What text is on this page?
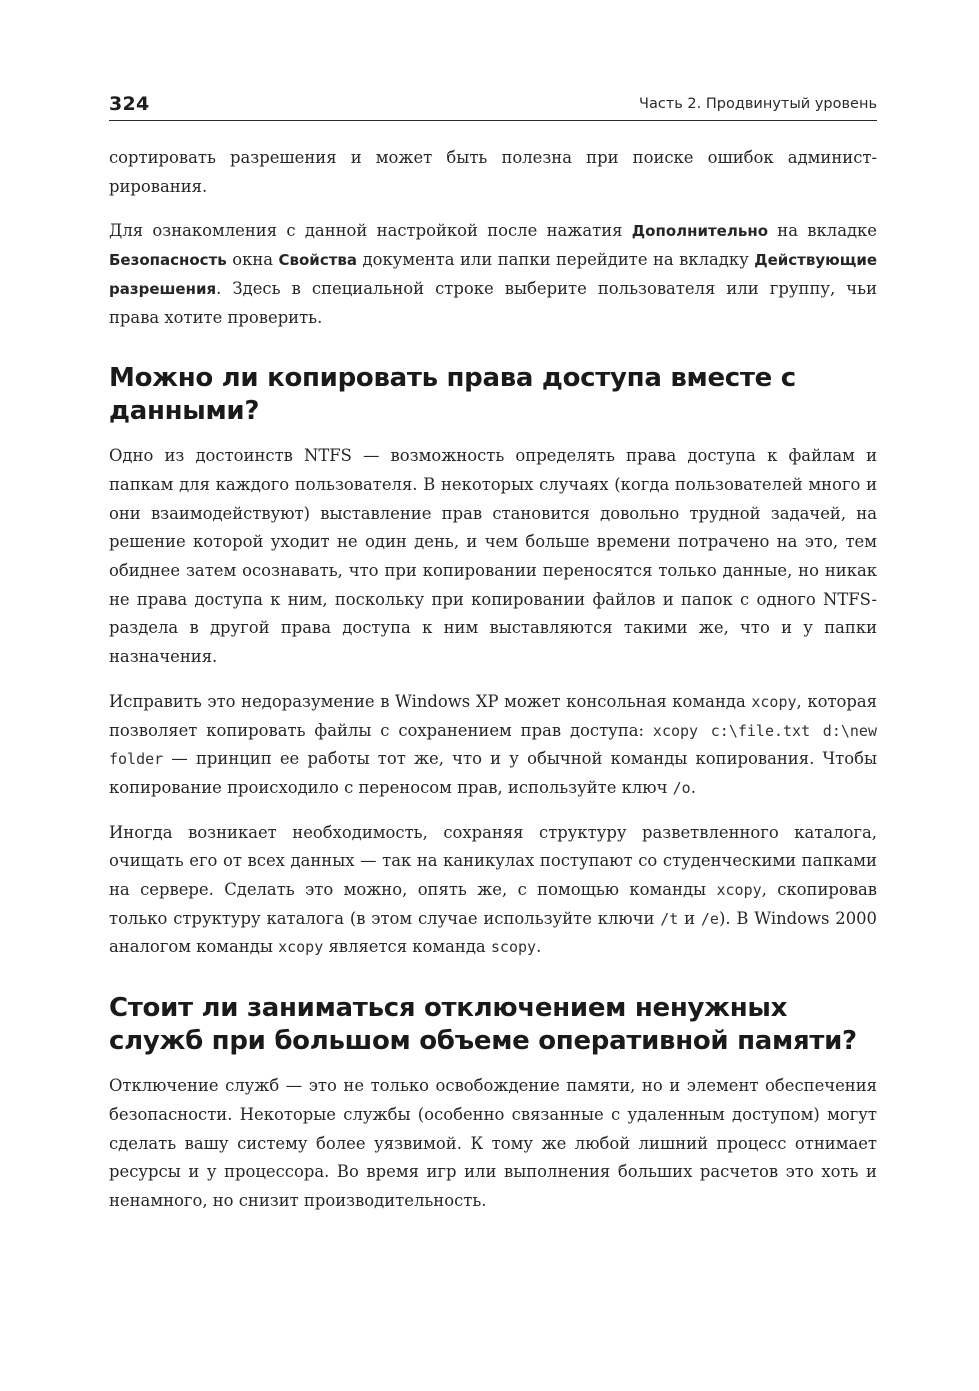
324	Часть 2. Продвинутый уровень

сортировать разрешения и может быть полезна при поиске ошибок администрирования.

Для ознакомления с данной настройкой после нажатия Дополнительно на вкладке Безопасность окна Свойства документа или папки перейдите на вкладку Действующие разрешения. Здесь в специальной строке выберите пользователя или группу, чьи права хотите проверить.

Можно ли копировать права доступа вместе с данными?

Одно из достоинств NTFS — возможность определять права доступа к файлам и папкам для каждого пользователя. В некоторых случаях (когда пользователей много и они взаимодействуют) выставление прав становится довольно трудной задачей, на решение которой уходит не один день, и чем больше времени потрачено на это, тем обиднее затем осознавать, что при копировании переносятся только данные, но никак не права доступа к ним, поскольку при копировании файлов и папок с одного NTFS-раздела в другой права доступа к ним выставляются такими же, что и у папки назначения.

Исправить это недоразумение в Windows XP может консольная команда xcopy, которая позволяет копировать файлы с сохранением прав доступа: xcopy c:\file.txt d:\new folder — принцип ее работы тот же, что и у обычной команды копирования. Чтобы копирование происходило с переносом прав, используйте ключ /o.

Иногда возникает необходимость, сохраняя структуру разветвленного каталога, очищать его от всех данных — так на каникулах поступают со студенческими папками на сервере. Сделать это можно, опять же, с помощью команды xcopy, скопировав только структуру каталога (в этом случае используйте ключи /t и /e). В Windows 2000 аналогом команды xcopy является команда scopy.

Стоит ли заниматься отключением ненужных служб при большом объеме оперативной памяти?

Отключение служб — это не только освобождение памяти, но и элемент обеспечения безопасности. Некоторые службы (особенно связанные с удаленным доступом) могут сделать вашу систему более уязвимой. К тому же любой лишний процесс отнимает ресурсы и у процессора. Во время игр или выполнения больших расчетов это хоть и ненамного, но снизит производительность.
